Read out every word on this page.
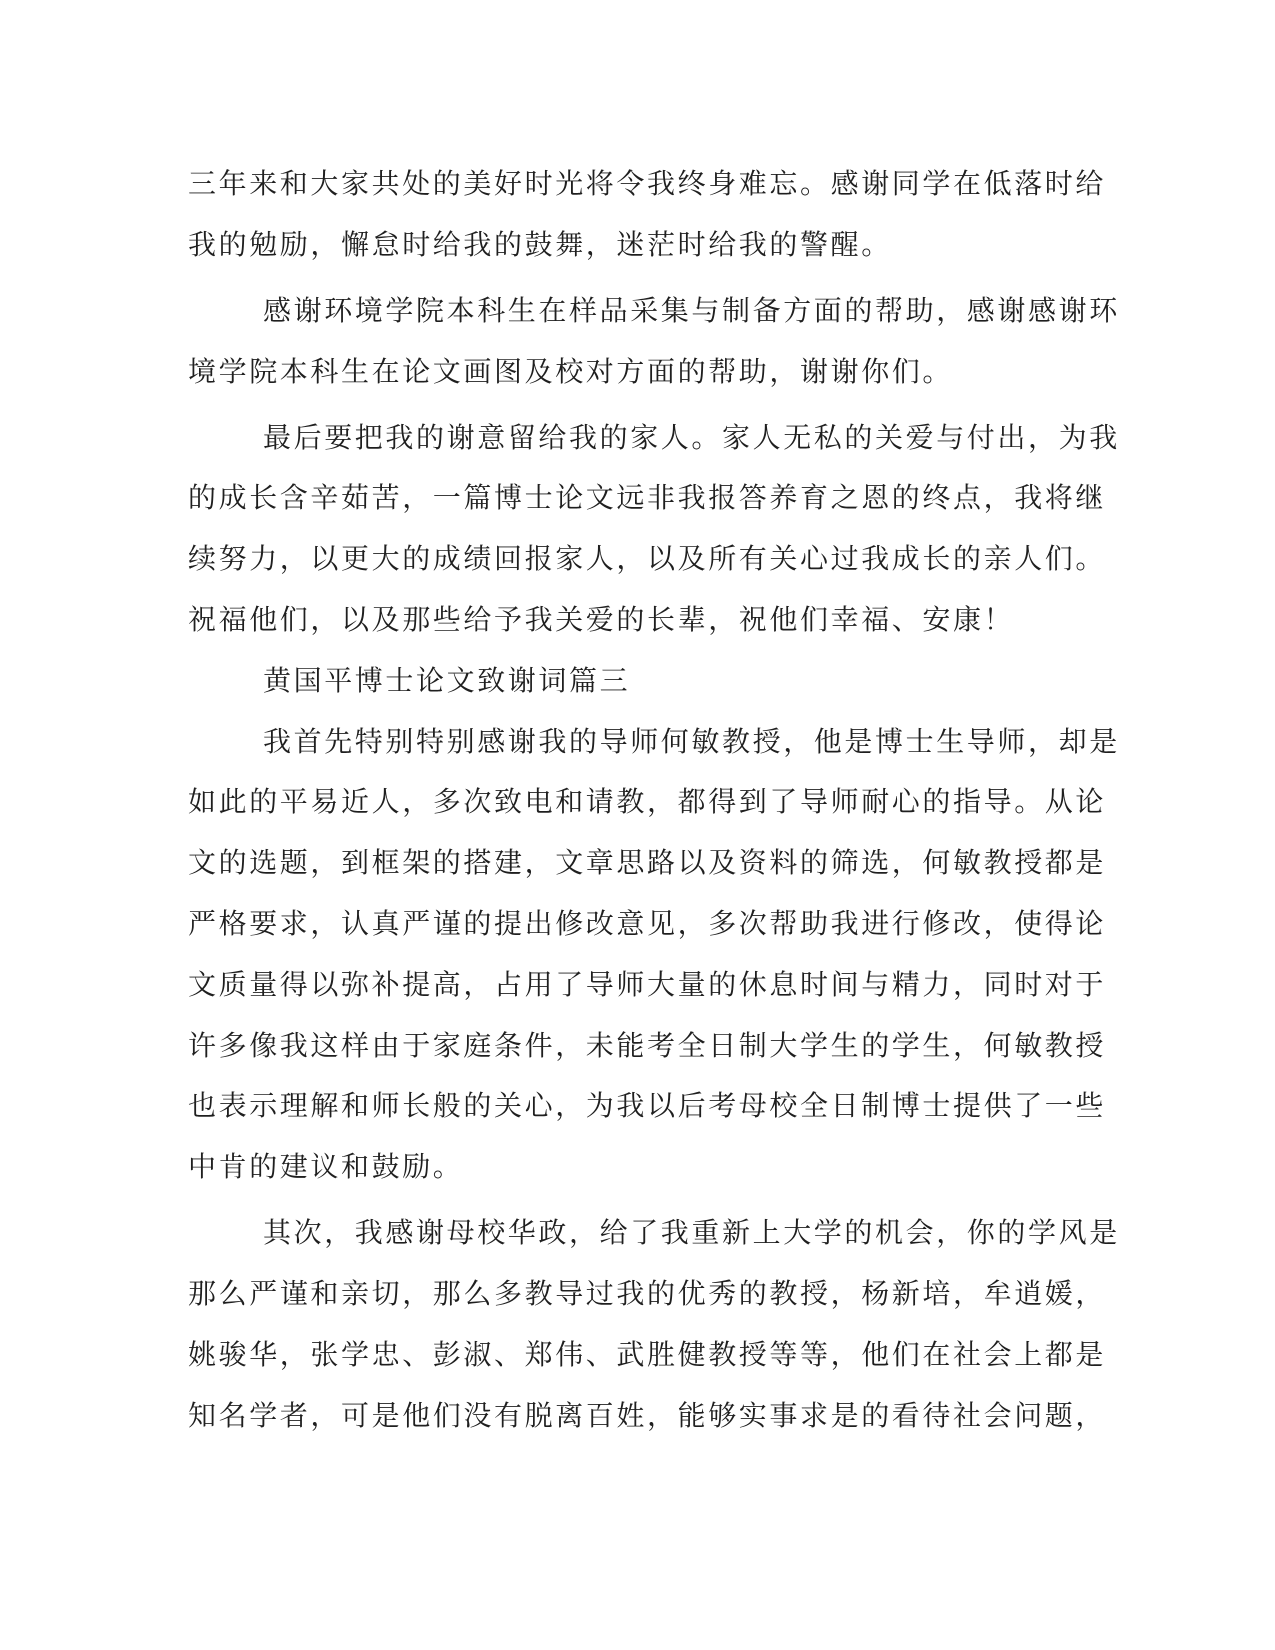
三年来和大家共处的美好时光将令我终身难忘。感谢同学在低落时给
我的勉励，懈怠时给我的鼓舞，迷茫时给我的警醒。
感谢环境学院本科生在样品采集与制备方面的帮助，感谢感谢环
境学院本科生在论文画图及校对方面的帮助，谢谢你们。
最后要把我的谢意留给我的家人。家人无私的关爱与付出，为我
的成长含辛茹苦，一篇博士论文远非我报答养育之恩的终点，我将继
续努力，以更大的成绩回报家人，以及所有关心过我成长的亲人们。
祝福他们，以及那些给予我关爱的长辈，祝他们幸福、安康！
黄国平博士论文致谢词篇三
我首先特别特别感谢我的导师何敏教授，他是博士生导师，却是
如此的平易近人，多次致电和请教，都得到了导师耐心的指导。从论
文的选题，到框架的搭建，文章思路以及资料的筛选，何敏教授都是
严格要求，认真严谨的提出修改意见，多次帮助我进行修改，使得论
文质量得以弥补提高，占用了导师大量的休息时间与精力，同时对于
许多像我这样由于家庭条件，未能考全日制大学生的学生，何敏教授
也表示理解和师长般的关心，为我以后考母校全日制博士提供了一些
中肯的建议和鼓励。
其次，我感谢母校华政，给了我重新上大学的机会，你的学风是
那么严谨和亲切，那么多教导过我的优秀的教授，杨新培，牟逍媛，
姚骏华，张学忠、彭淑、郑伟、武胜健教授等等，他们在社会上都是
知名学者，可是他们没有脱离百姓，能够实事求是的看待社会问题，
